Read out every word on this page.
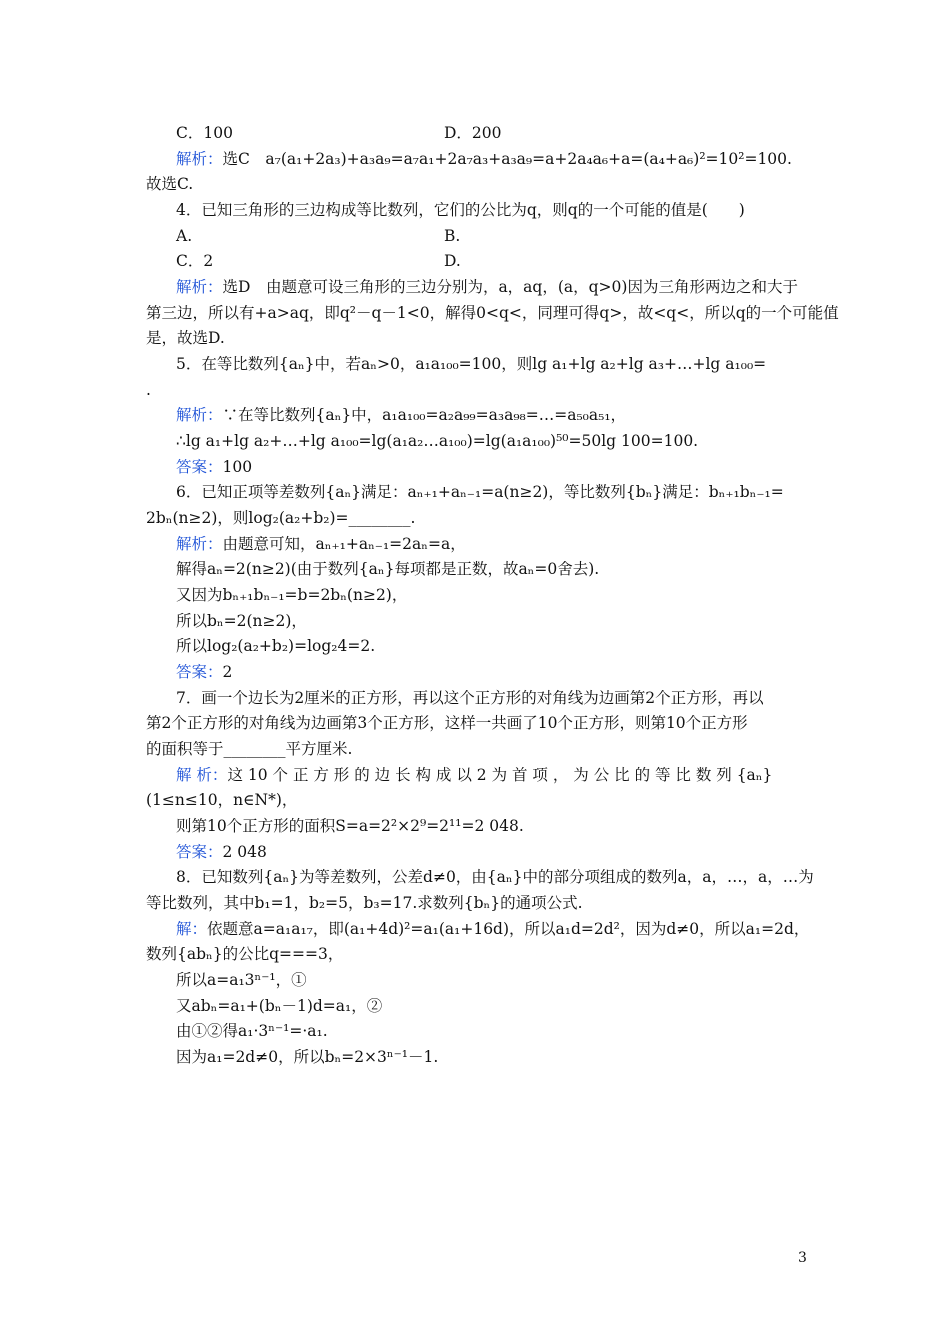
C．100	D．200
解析：选C　a₇(a₁+2a₃)+a₃a₉=a₇a₁+2a₇a₃+a₃a₉=a+2a₄a₆+a=(a₄+a₆)²=10²=100.
故选C.
4．已知三角形的三边构成等比数列，它们的公比为q，则q的一个可能的值是(　　)
A.	B.
C．2	D.
解析：选D　由题意可设三角形的三边分别为，a，aq，(a，q>0)因为三角形两边之和大于
第三边，所以有+a>aq，即q²－q－1<0，解得0<q<，同理可得q>，故<q<，所以q的一个可能值
是，故选D.
5．在等比数列{aₙ}中，若aₙ>0，a₁a₁₀₀=100，则lg a₁+lg a₂+lg a₃+…+lg a₁₀₀=
.
解析：∵在等比数列{aₙ}中，a₁a₁₀₀=a₂a₉₉=a₃a₉₈=…=a₅₀a₅₁，
∴lg a₁+lg a₂+…+lg a₁₀₀=lg(a₁a₂…a₁₀₀)=lg(a₁a₁₀₀)⁵⁰=50lg 100=100.
答案：100
6．已知正项等差数列{aₙ}满足：aₙ₊₁+aₙ₋₁=a(n≥2)，等比数列{bₙ}满足：bₙ₊₁bₙ₋₁=
2bₙ(n≥2)，则log₂(a₂+b₂)=________.
解析：由题意可知，aₙ₊₁+aₙ₋₁=2aₙ=a，
解得aₙ=2(n≥2)(由于数列{aₙ}每项都是正数，故aₙ=0舍去).
又因为bₙ₊₁bₙ₋₁=b=2bₙ(n≥2)，
所以bₙ=2(n≥2)，
所以log₂(a₂+b₂)=log₂4=2.
答案：2
7．画一个边长为2厘米的正方形，再以这个正方形的对角线为边画第2个正方形，再以
第2个正方形的对角线为边画第3个正方形，这样一共画了10个正方形，则第10个正方形
的面积等于________平方厘米.
解 析：这 10 个 正 方 形 的 边 长 构 成 以 2 为 首 项 ， 为 公 比 的 等 比 数 列 {aₙ}
(1≤n≤10，n∈N*)，
则第10个正方形的面积S=a=2²×2⁹=2¹¹=2 048.
答案：2 048
8．已知数列{aₙ}为等差数列，公差d≠0，由{aₙ}中的部分项组成的数列a，a，…，a，…为
等比数列，其中b₁=1，b₂=5，b₃=17.求数列{bₙ}的通项公式.
解：依题意a=a₁a₁₇，即(a₁+4d)²=a₁(a₁+16d)，所以a₁d=2d²，因为d≠0，所以a₁=2d，
数列{abₙ}的公比q===3，
所以a=a₁3ⁿ⁻¹，①
又abₙ=a₁+(bₙ－1)d=a₁，②
由①②得a₁·3ⁿ⁻¹=·a₁.
因为a₁=2d≠0，所以bₙ=2×3ⁿ⁻¹－1.
3
